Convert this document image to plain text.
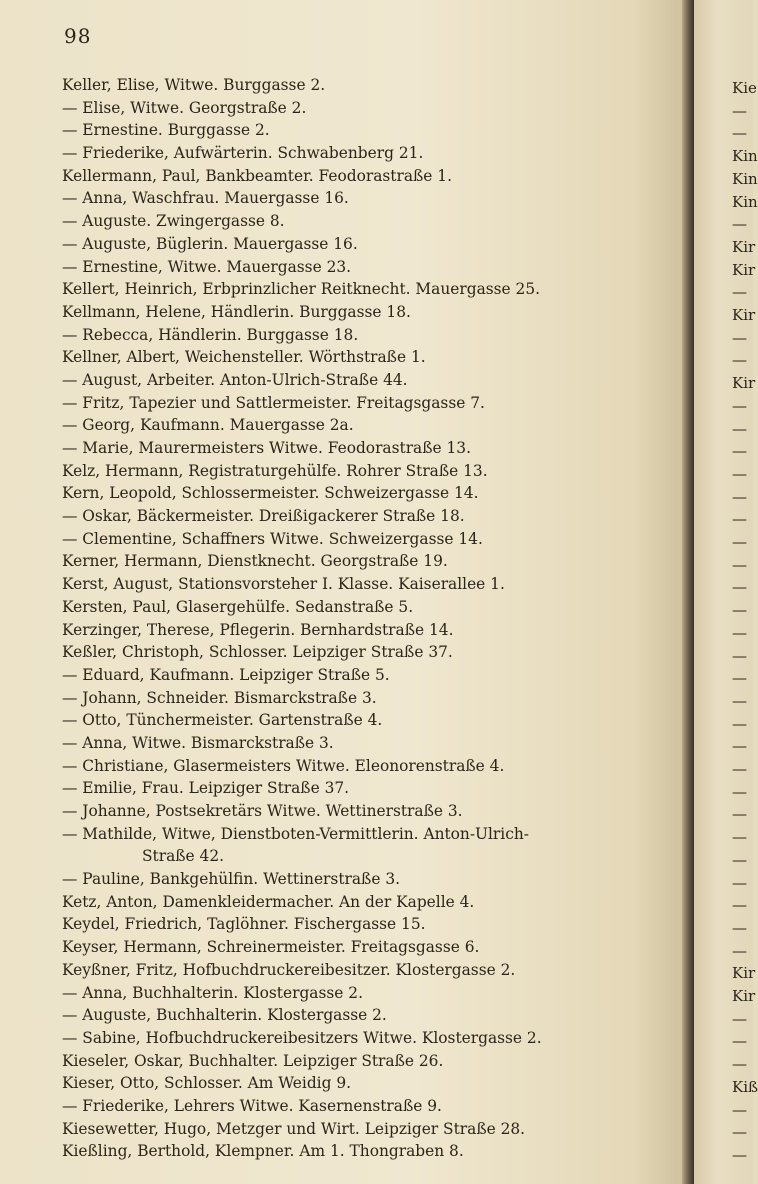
98
Keller, Elise, Witwe. Burggasse 2.
— Elise, Witwe. Georgstraße 2.
— Ernestine. Burggasse 2.
— Friederike, Aufwärterin. Schwabenberg 21.
Kellermann, Paul, Bankbeamter. Feodorastraße 1.
— Anna, Waschfrau. Mauergasse 16.
— Auguste. Zwingergasse 8.
— Auguste, Büglerin. Mauergasse 16.
— Ernestine, Witwe. Mauergasse 23.
Kellert, Heinrich, Erbprinzlicher Reitknecht. Mauergasse 25.
Kellmann, Helene, Händlerin. Burggasse 18.
— Rebecca, Händlerin. Burggasse 18.
Kellner, Albert, Weichensteller. Wörthstraße 1.
— August, Arbeiter. Anton-Ulrich-Straße 44.
— Fritz, Tapezier und Sattlermeister. Freitagsgasse 7.
— Georg, Kaufmann. Mauergasse 2a.
— Marie, Maurermeisters Witwe. Feodorastraße 13.
Kelz, Hermann, Registraturgehülfe. Rohrer Straße 13.
Kern, Leopold, Schlossermeister. Schweizergasse 14.
— Oskar, Bäckermeister. Dreißigackerer Straße 18.
— Clementine, Schaffners Witwe. Schweizergasse 14.
Kerner, Hermann, Dienstknecht. Georgstraße 19.
Kerst, August, Stationsvorsteher I. Klasse. Kaiserallee 1.
Kersten, Paul, Glasergehülfe. Sedanstraße 5.
Kerzinger, Therese, Pflegerin. Bernhardstraße 14.
Keßler, Christoph, Schlosser. Leipziger Straße 37.
— Eduard, Kaufmann. Leipziger Straße 5.
— Johann, Schneider. Bismarckstraße 3.
— Otto, Tünchermeister. Gartenstraße 4.
— Anna, Witwe. Bismarckstraße 3.
— Christiane, Glasermeisters Witwe. Eleonorenstraße 4.
— Emilie, Frau. Leipziger Straße 37.
— Johanne, Postsekretärs Witwe. Wettinerstraße 3.
— Mathilde, Witwe, Dienstboten-Vermittlerin. Anton-Ulrich-
Straße 42.
— Pauline, Bankgehülfin. Wettinerstraße 3.
Ketz, Anton, Damenkleidermacher. An der Kapelle 4.
Keydel, Friedrich, Taglöhner. Fischergasse 15.
Keyser, Hermann, Schreinermeister. Freitagsgasse 6.
Keyßner, Fritz, Hofbuchdruckereibesitzer. Klostergasse 2.
— Anna, Buchhalterin. Klostergasse 2.
— Auguste, Buchhalterin. Klostergasse 2.
— Sabine, Hofbuchdruckereibesitzers Witwe. Klostergasse 2.
Kieseler, Oskar, Buchhalter. Leipziger Straße 26.
Kieser, Otto, Schlosser. Am Weidig 9.
— Friederike, Lehrers Witwe. Kasernenstraße 9.
Kiesewetter, Hugo, Metzger und Wirt. Leipziger Straße 28.
Kießling, Berthold, Klempner. Am 1. Thongraben 8.
Kie
—
—
Kin
Kin
Kin
—
Kir
Kir
—
Kir
—
—
Kir
—
—
—
—
—
—
—
—
—
—
—
—
—
—
—
—
—
—
—
—
—
—
—
—
—
Kir
Kir
—
—
—
Kiß
—
—
—
